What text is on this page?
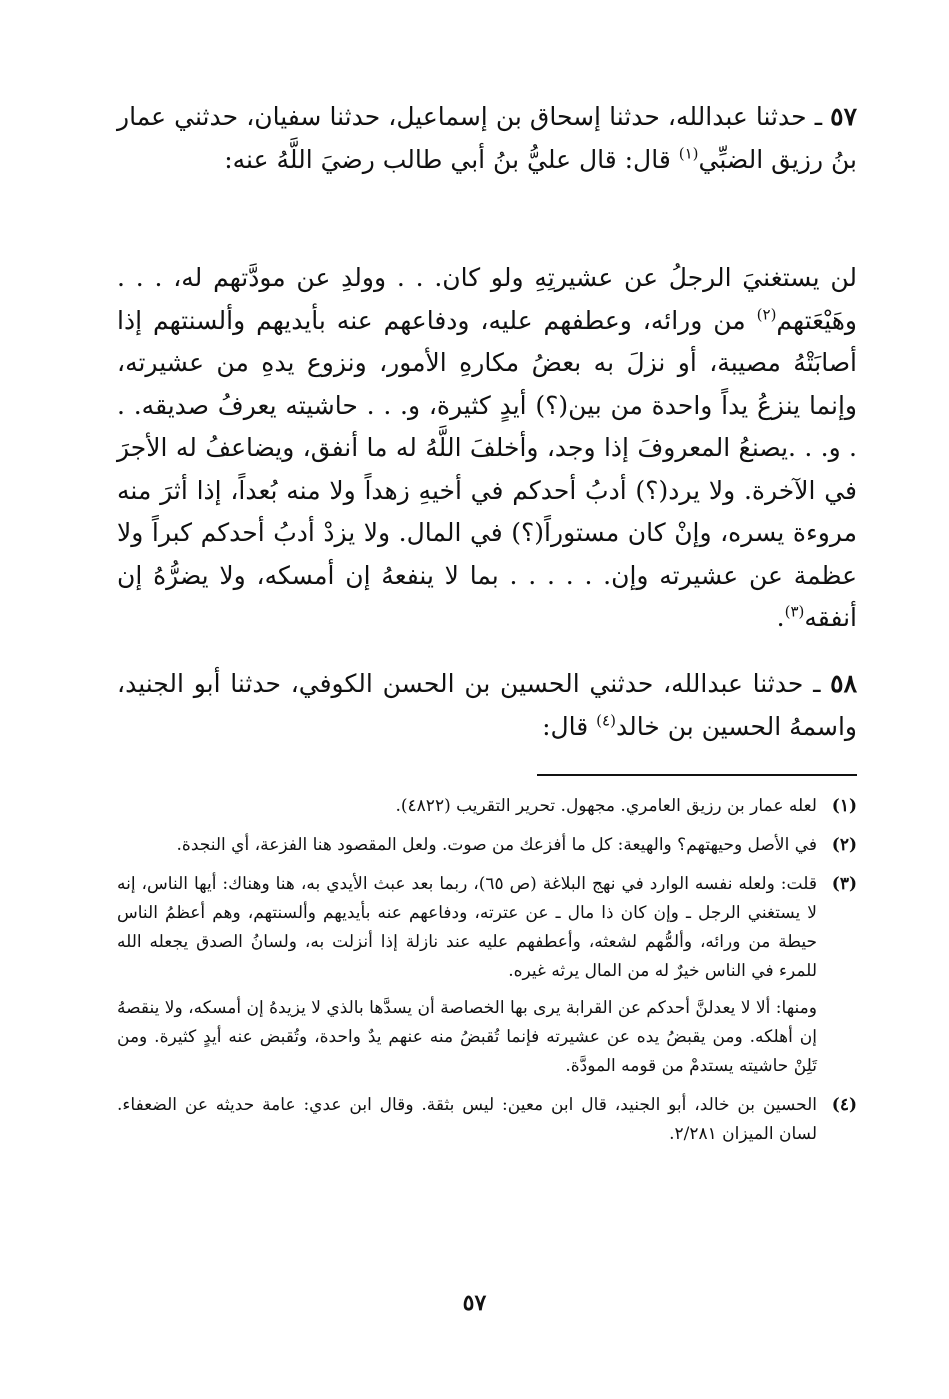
٥٧ ـ حدثنا عبدالله، حدثنا إسحاق بن إسماعيل، حدثنا سفيان، حدثني عمار بنُ رزيق الضبِّي$^{(١)}$ قال: قال عليُّ بنُ أبي طالب رضيَ اللَّهُ عنه:
لن يستغنيَ الرجلُ عن عشيرتِهِ ولو كان. . . وولدِ عن مودَّتهم له، . . . وهَيْعَتهم$^{(٢)}$ من ورائه، وعطفهم عليه، ودفاعهم عنه بأيديهم وألسنتهم إذا أصابَتْهُ مصيبة، أو نزلَ به بعضُ مكارهِ الأمور، ونزوع يدهِ من عشيرته، وإنما ينزعُ يداً واحدة من بين(؟) أيدٍ كثيرة، و. . . حاشيته يعرفُ صديقه. . . و. . .يصنعُ المعروفَ إذا وجد، وأخلفَ اللَّهُ له ما أنفق، ويضاعفُ له الأجرَ في الآخرة. ولا يرد(؟) أدبُ أحدكم في أخيهِ زهداً ولا منه بُعداً، إذا أثرَ منه مروءة يسره، وإنْ كان مستوراً(؟) في المال. ولا يزدْ أدبُ أحدكم كبراً ولا عظمة عن عشيرته وإن. . . . . . بما لا ينفعهُ إن أمسكه، ولا يضرُّهُ إن أنفقه$^{(٣)}$.
٥٨ ـ حدثنا عبدالله، حدثني الحسين بن الحسن الكوفي، حدثنا أبو الجنيد، واسمهُ الحسين بن خالد$^{(٤)}$ قال:
(١)

لعله عمار بن رزيق العامري. مجهول. تحرير التقريب (٤٨٢٢).

(٢)

في الأصل وحيهتهم؟ والهيعة: كل ما أفزعك من صوت. ولعل المقصود هنا الفزعة، أي النجدة.

(٣)

قلت: ولعله نفسه الوارد في نهج البلاغة (ص ٦٥)، ربما بعد عبث الأيدي به، هنا وهناك: أيها الناس، إنه لا يستغني الرجل ـ وإن كان ذا مال ـ عن عترته، ودفاعهم عنه بأيديهم وألسنتهم، وهم أعظمُ الناس حيطة من ورائه، وألمُّهم لشعثه، وأعطفهم عليه عند نازلة إذا أنزلت به، ولسانُ الصدق يجعله الله للمرء في الناس خيرٌ له من المال يرثه غيره.

ومنها: ألا لا يعدلنَّ أحدكم عن القرابة يرى بها الخصاصة أن يسدَّها بالذي لا يزيدهُ إن أمسكه، ولا ينقصهُ إن أهلكه. ومن يقبضُ يده عن عشيرته فإنما تُقبضُ منه عنهم يدٌ واحدة، وتُقبض عنه أيدٍ كثيرة. ومن تَلِنْ حاشيته يستدمْ من قومه المودَّة.

(٤)

الحسين بن خالد، أبو الجنيد، قال ابن معين: ليس بثقة. وقال ابن عدي: عامة حديثه عن الضعفاء. لسان الميزان ٢/٢٨١.

٥٧
